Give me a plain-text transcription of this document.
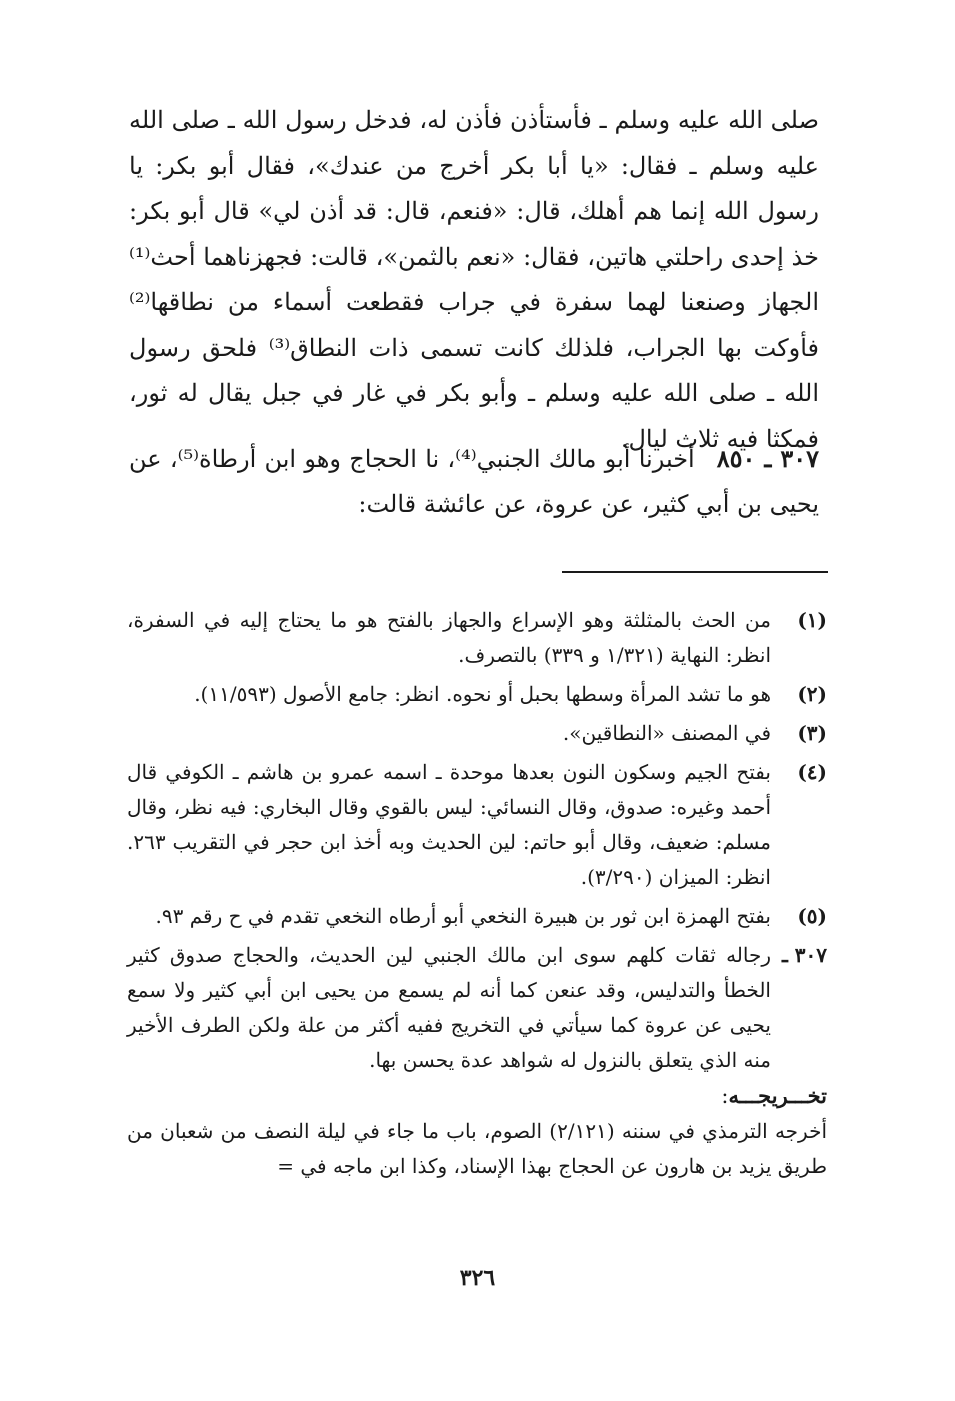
صلى الله عليه وسلم ـ فأستأذن فأذن له، فدخل رسول الله ـ صلى الله عليه وسلم ـ فقال: «يا أبا بكر أخرج من عندك»، فقال أبو بكر: يا رسول الله إنما هم أهلك، قال: «فنعم، قال: قد أذن لي» قال أبو بكر: خذ إحدى راحلتي هاتين، فقال: «نعم بالثمن»، قالت: فجهزناهما أحث⁽¹⁾ الجهاز وصنعنا لهما سفرة في جراب فقطعت أسماء من نطاقها⁽²⁾ فأوكت بها الجراب، فلذلك كانت تسمى ذات النطاق⁽³⁾ فلحق رسول الله ـ صلى الله عليه وسلم ـ وأبو بكر في غار في جبل يقال له ثور، فمكثا فيه ثلاث ليال.

٣٠٧ ـ ٨٥٠أخبرنا أبو مالك الجنبي⁽⁴⁾، نا الحجاج وهو ابن أرطاة⁽⁵⁾، عن يحيى بن أبي كثير، عن عروة، عن عائشة قالت:

(١)
من الحث بالمثلثة وهو الإسراع والجهاز بالفتح هو ما يحتاج إليه في السفرة، انظر: النهاية (١/٣٢١ و ٣٣٩) بالتصرف.
(٢)
هو ما تشد المرأة وسطها بحبل أو نحوه. انظر: جامع الأصول (١١/٥٩٣).
(٣)
في المصنف «النطاقين».
(٤)
بفتح الجيم وسكون النون بعدها موحدة ـ اسمه عمرو بن هاشم ـ الكوفي قال أحمد وغيره: صدوق، وقال النسائي: ليس بالقوي وقال البخاري: فيه نظر، وقال مسلم: ضعيف، وقال أبو حاتم: لين الحديث وبه أخذ ابن حجر في التقريب ٢٦٣. انظر: الميزان (٣/٢٩٠).
(٥)
بفتح الهمزة ابن ثور بن هبيرة النخعي أبو أرطاه النخعي تقدم في ح رقم ٩٣.
٣٠٧ ـ
رجاله ثقات كلهم سوى ابن مالك الجنبي لين الحديث، والحجاج صدوق كثير الخطأ والتدليس، وقد عنعن كما أنه لم يسمع من يحيى ابن أبي كثير ولا سمع يحيى عن عروة كما سيأتي في التخريج ففيه أكثر من علة ولكن الطرف الأخير منه الذي يتعلق بالنزول له شواهد عدة يحسن بها.
تخـــريجـــه:

أخرجه الترمذي في سننه (٢/١٢١) الصوم، باب ما جاء في ليلة النصف من شعبان من طريق يزيد بن هارون عن الحجاج بهذا الإسناد، وكذا ابن ماجه في =

٣٢٦
